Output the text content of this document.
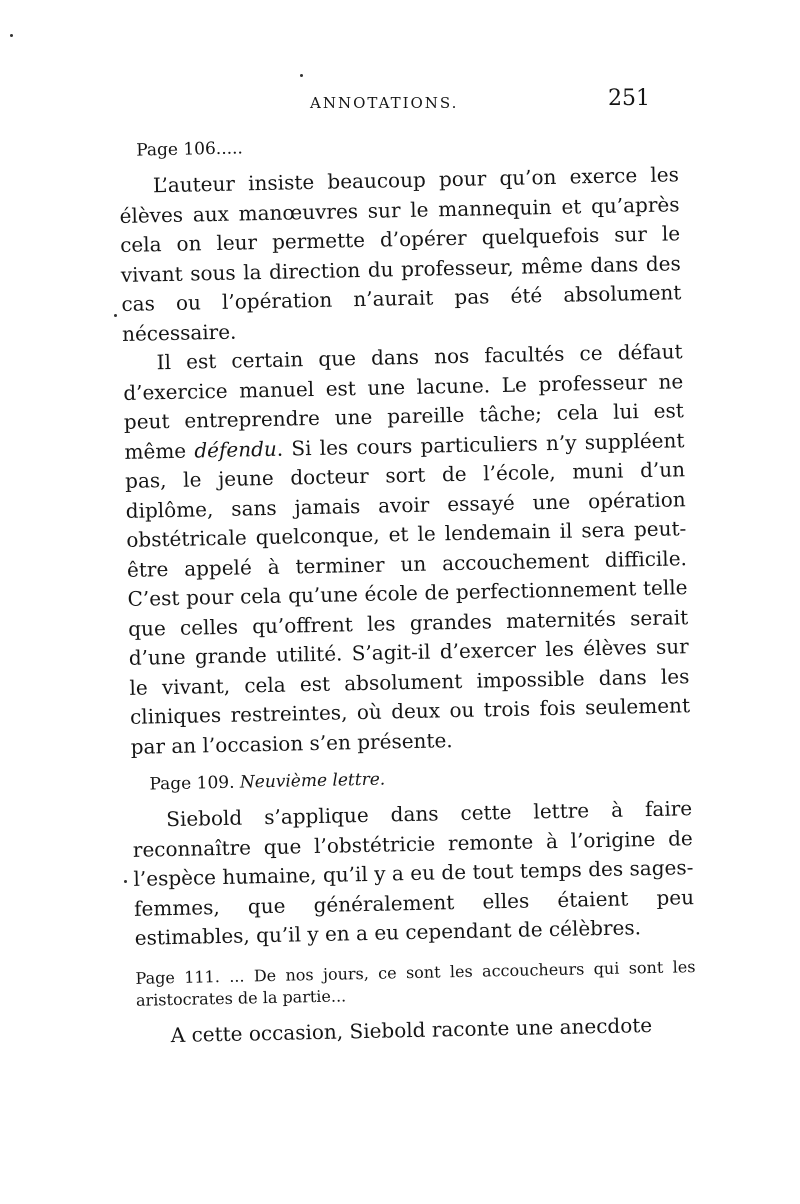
ANNOTATIONS.	251

Page 106.....

L’auteur insiste beaucoup pour qu’on exerce les élèves aux manœuvres sur le mannequin et qu’après cela on leur permette d’opérer quelquefois sur le vivant sous la direction du professeur, même dans des cas ou l’opération n’aurait pas été absolument nécessaire.

Il est certain que dans nos facultés ce défaut d’exercice manuel est une lacune. Le professeur ne peut entreprendre une pareille tâche; cela lui est même défendu. Si les cours particuliers n’y suppléent pas, le jeune docteur sort de l’école, muni d’un diplôme, sans jamais avoir essayé une opération obstétricale quelconque, et le lendemain il sera peut-être appelé à terminer un accouchement difficile. C’est pour cela qu’une école de perfectionnement telle que celles qu’offrent les grandes maternités serait d’une grande utilité. S’agit-il d’exercer les élèves sur le vivant, cela est absolument impossible dans les cliniques restreintes, où deux ou trois fois seulement par an l’occasion s’en présente.

Page 109. Neuvième lettre.

Siebold s’applique dans cette lettre à faire reconnaître que l’obstétricie remonte à l’origine de l’espèce humaine, qu’il y a eu de tout temps des sages-femmes, que généralement elles étaient peu estimables, qu’il y en a eu cependant de célèbres.

Page 111. ... De nos jours, ce sont les accoucheurs qui sont les aristocrates de la partie...

A cette occasion, Siebold raconte une anecdote
